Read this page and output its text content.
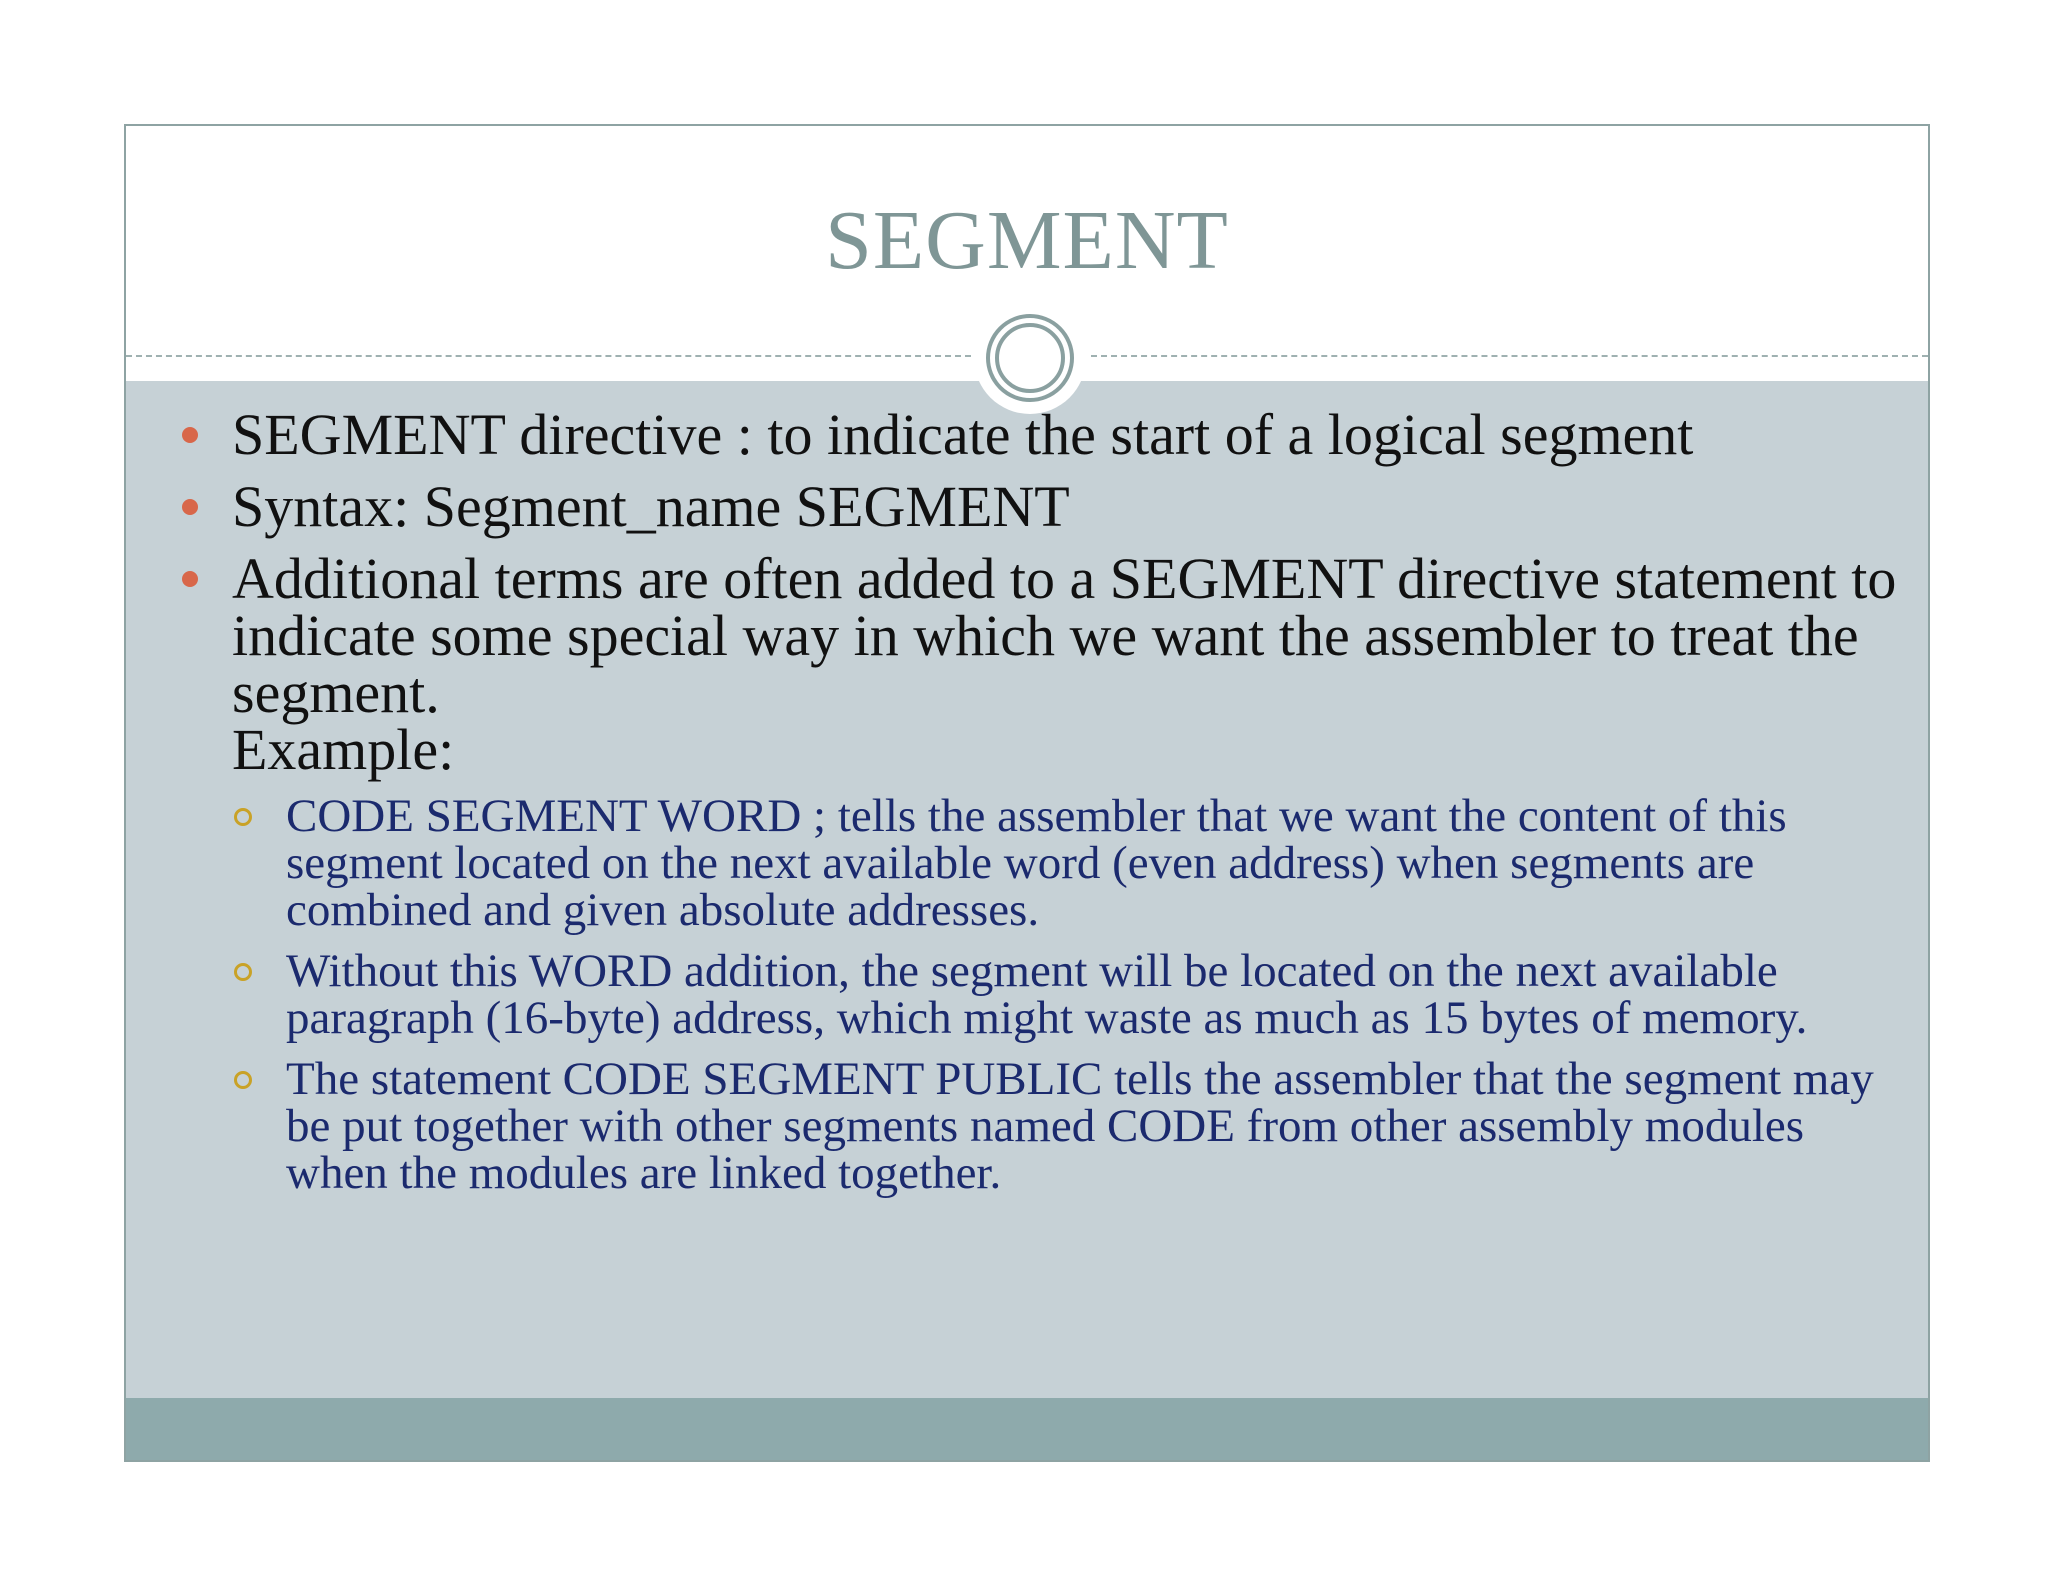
SEGMENT
SEGMENT directive : to indicate the start of a logical segment
Syntax: Segment_name SEGMENT
Additional terms are often added to a SEGMENT directive statement to indicate some special way in which we want the assembler to treat the segment.
Example:
CODE SEGMENT WORD ; tells the assembler that we want the content of this segment located on the next available word (even address) when segments are combined and given absolute addresses.
Without this WORD addition, the segment will be located on the next available paragraph (16-byte) address, which might waste as much as 15 bytes of memory.
The statement CODE SEGMENT PUBLIC tells the assembler that the segment may be put together with other segments named CODE from other assembly modules when the modules are linked together.
